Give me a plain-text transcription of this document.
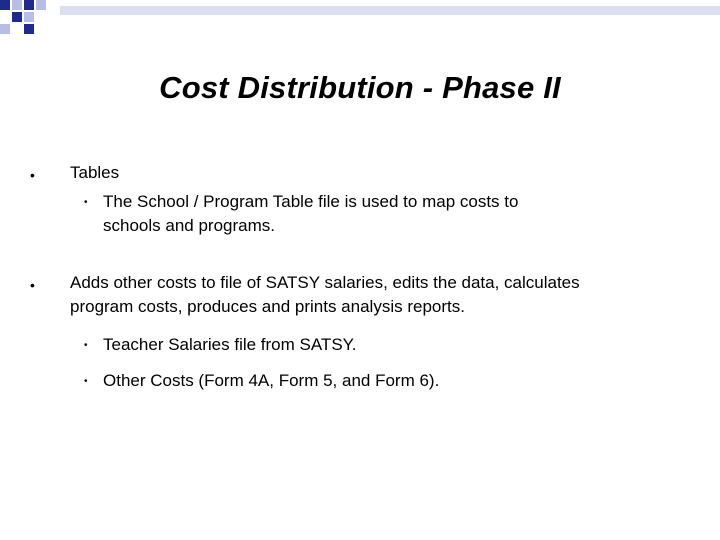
Cost Distribution - Phase II
• Tables
• The School / Program Table file is used to map costs to
schools and programs.
• Adds other costs to file of SATSY salaries, edits the data, calculates
program costs, produces and prints analysis reports.
• Teacher Salaries file from SATSY.
• Other Costs (Form 4A, Form 5, and Form 6).
